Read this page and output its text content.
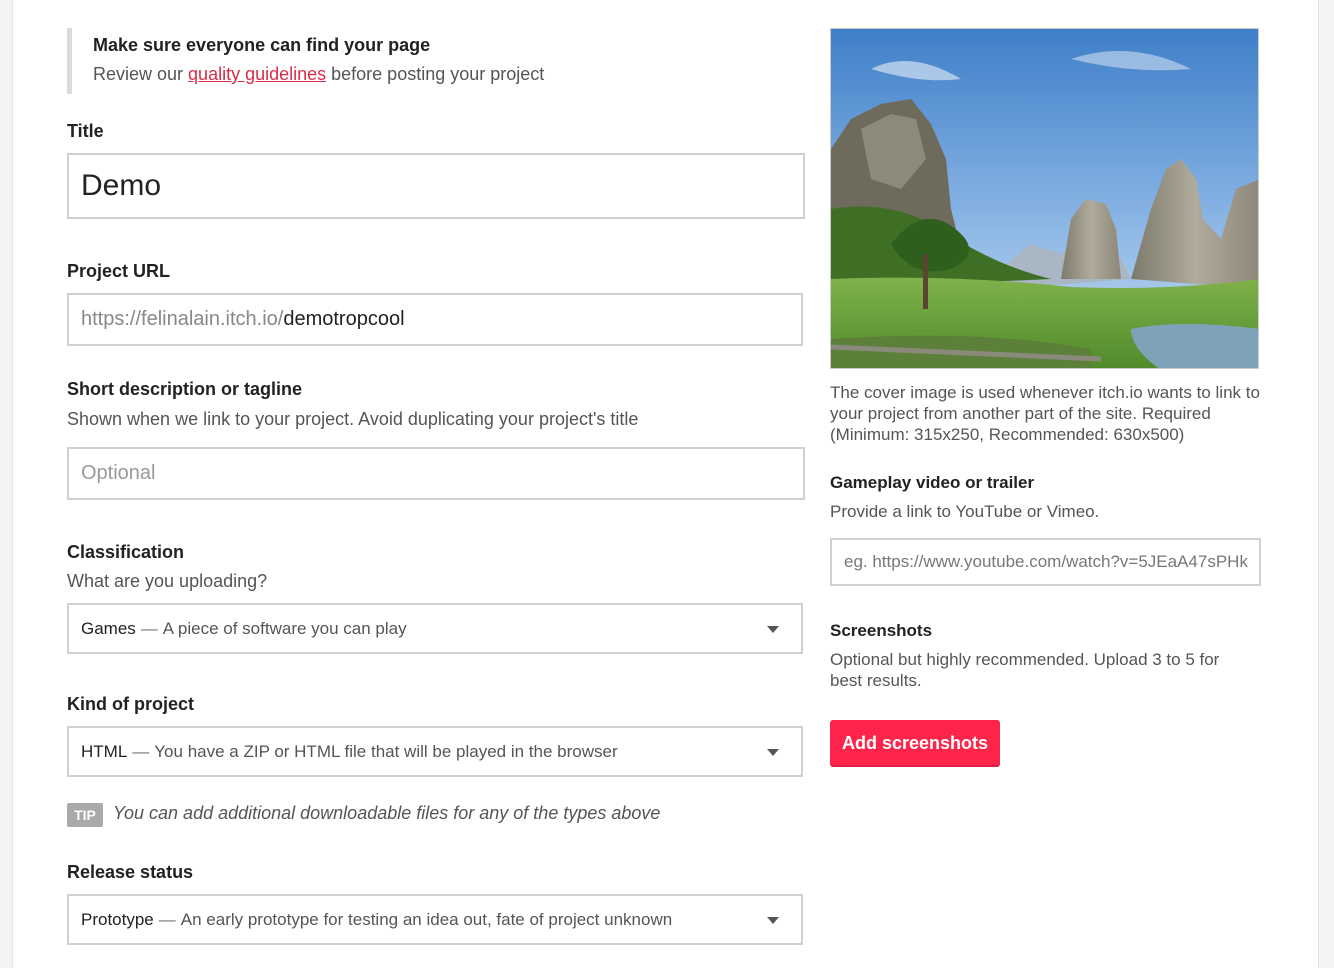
Make sure everyone can find your page
Review our quality guidelines before posting your project
Title
Demo
Project URL
https://felinalain.itch.io/ demotropcool
Short description or tagline
Shown when we link to your project. Avoid duplicating your project's title
Optional
Classification
What are you uploading?
Games — A piece of software you can play
Kind of project
HTML — You have a ZIP or HTML file that will be played in the browser
TIP You can add additional downloadable files for any of the types above
Release status
Prototype — An early prototype for testing an idea out, fate of project unknown
The cover image is used whenever itch.io wants to link to your project from another part of the site. Required (Minimum: 315x250, Recommended: 630x500)
Gameplay video or trailer
Provide a link to YouTube or Vimeo.
eg. https://www.youtube.com/watch?v=5JEaA47sPHk
Screenshots
Optional but highly recommended. Upload 3 to 5 for best results.
Add screenshots
